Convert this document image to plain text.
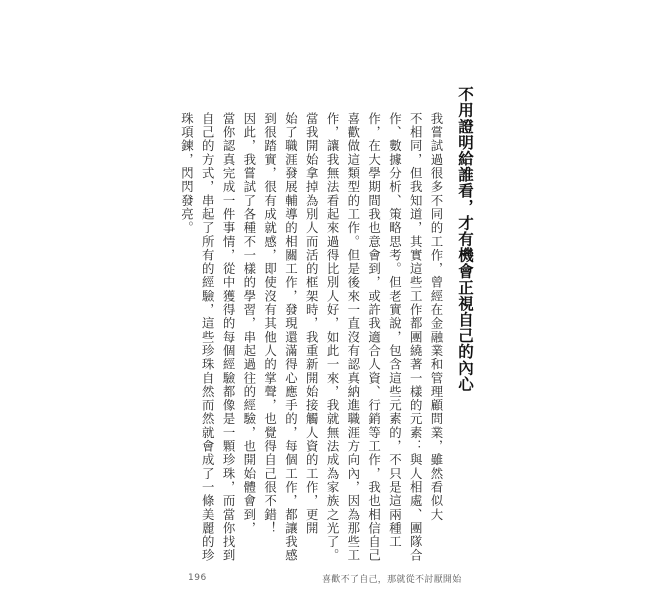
不用證明給誰看，才有機會正視自己的內心
我嘗試過很多不同的工作，曾經在金融業和管理顧問業，雖然看似大
不相同，但我知道，其實這些工作都團繞著一樣的元素：與人相處、團隊合
作、數據分析、策略思考。但老實說，包含這些元素的，不只是這兩種工
作，在大學期間我也意會到，或許我適合人資、行銷等工作，我也相信自己
喜歡做這類型的工作。但是後來一直沒有認真納進職涯方向內，因為那些工
作，讓我無法看起來過得比別人好，如此一來，我就無法成為家族之光了。
當我開始拿掉為別人而活的框架時，我重新開始接觸人資的工作，更開
始了職涯發展輔導的相關工作，發現還滿得心應手的，每個工作，都讓我感
到很踏實，很有成就感，即使沒有其他人的掌聲，也覺得自己很不錯！
因此，我嘗試了各種不一樣的學習，串起過往的經驗，也開始體會到，
當你認真完成一件事情，從中獲得的每個經驗都像是一顆珍珠，而當你找到
自己的方式，串起了所有的經驗，這些珍珠自然而然就會成了一條美麗的珍
珠項鍊，閃閃發亮。
196	喜歡不了自己，那就從不討厭開始
